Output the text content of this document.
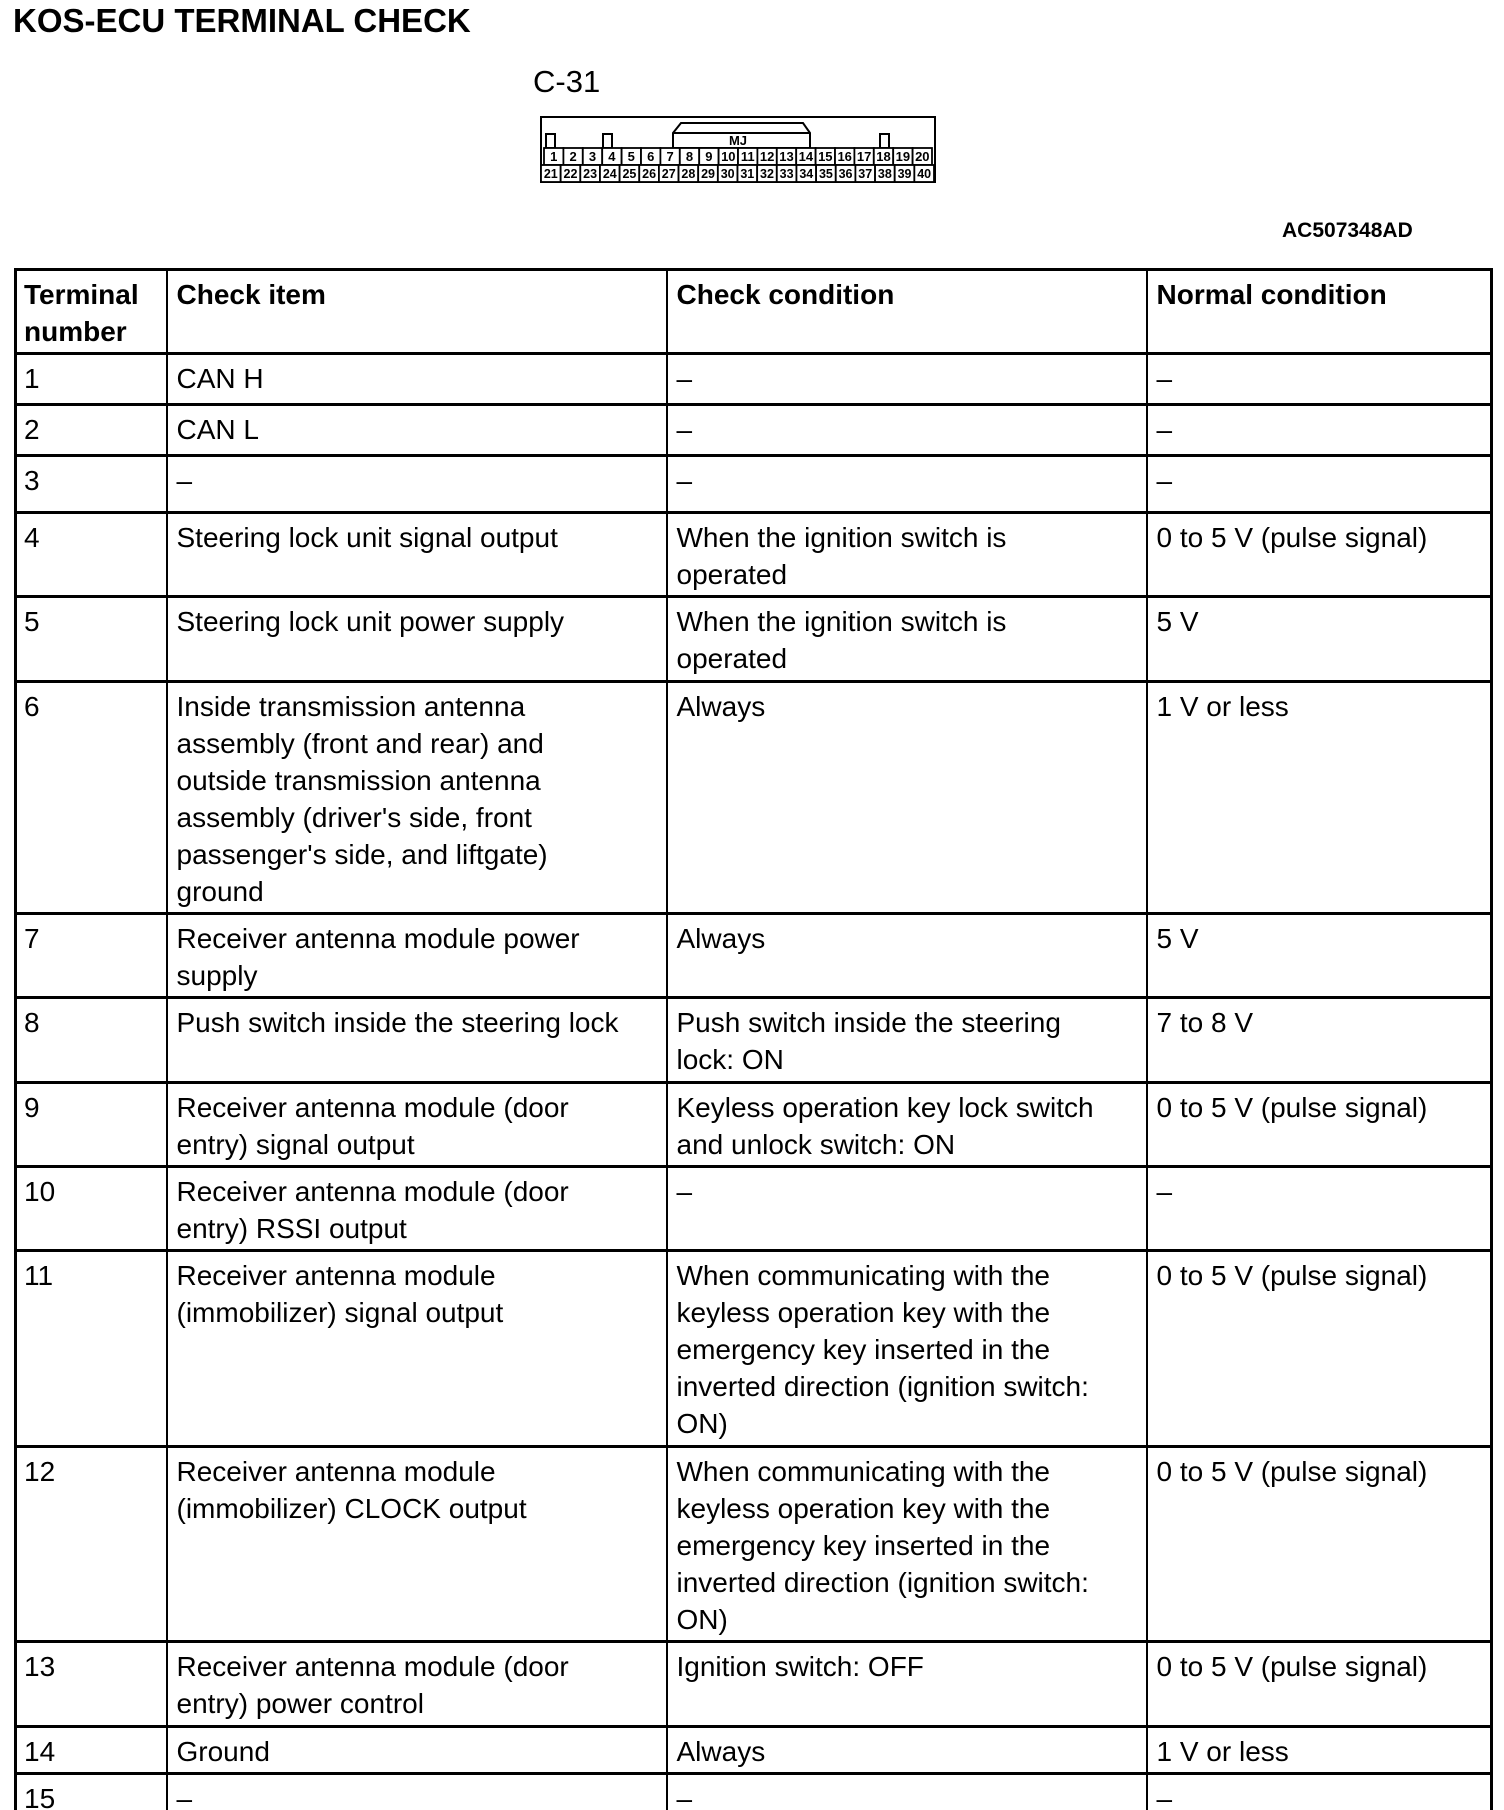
KOS-ECU TERMINAL CHECK
C-31
MJ
1 2 3 4 5 6 7 8 9 10 11 12 13 14 15 16 17 18 19 20
21 22 23 24 25 26 27 28 29 30 31 32 33 34 35 36 37 38 39 40
AC507348AD
Terminal number	Check item	Check condition	Normal condition
1	CAN H	–	–
2	CAN L	–	–
3	–	–	–
4	Steering lock unit signal output	When the ignition switch is operated	0 to 5 V (pulse signal)
5	Steering lock unit power supply	When the ignition switch is operated	5 V
6	Inside transmission antenna assembly (front and rear) and outside transmission antenna assembly (driver's side, front passenger's side, and liftgate) ground	Always	1 V or less
7	Receiver antenna module power supply	Always	5 V
8	Push switch inside the steering lock	Push switch inside the steering lock: ON	7 to 8 V
9	Receiver antenna module (door entry) signal output	Keyless operation key lock switch and unlock switch: ON	0 to 5 V (pulse signal)
10	Receiver antenna module (door entry) RSSI output	–	–
11	Receiver antenna module (immobilizer) signal output	When communicating with the keyless operation key with the emergency key inserted in the inverted direction (ignition switch: ON)	0 to 5 V (pulse signal)
12	Receiver antenna module (immobilizer) CLOCK output	When communicating with the keyless operation key with the emergency key inserted in the inverted direction (ignition switch: ON)	0 to 5 V (pulse signal)
13	Receiver antenna module (door entry) power control	Ignition switch: OFF	0 to 5 V (pulse signal)
14	Ground	Always	1 V or less
15	–	–	–
